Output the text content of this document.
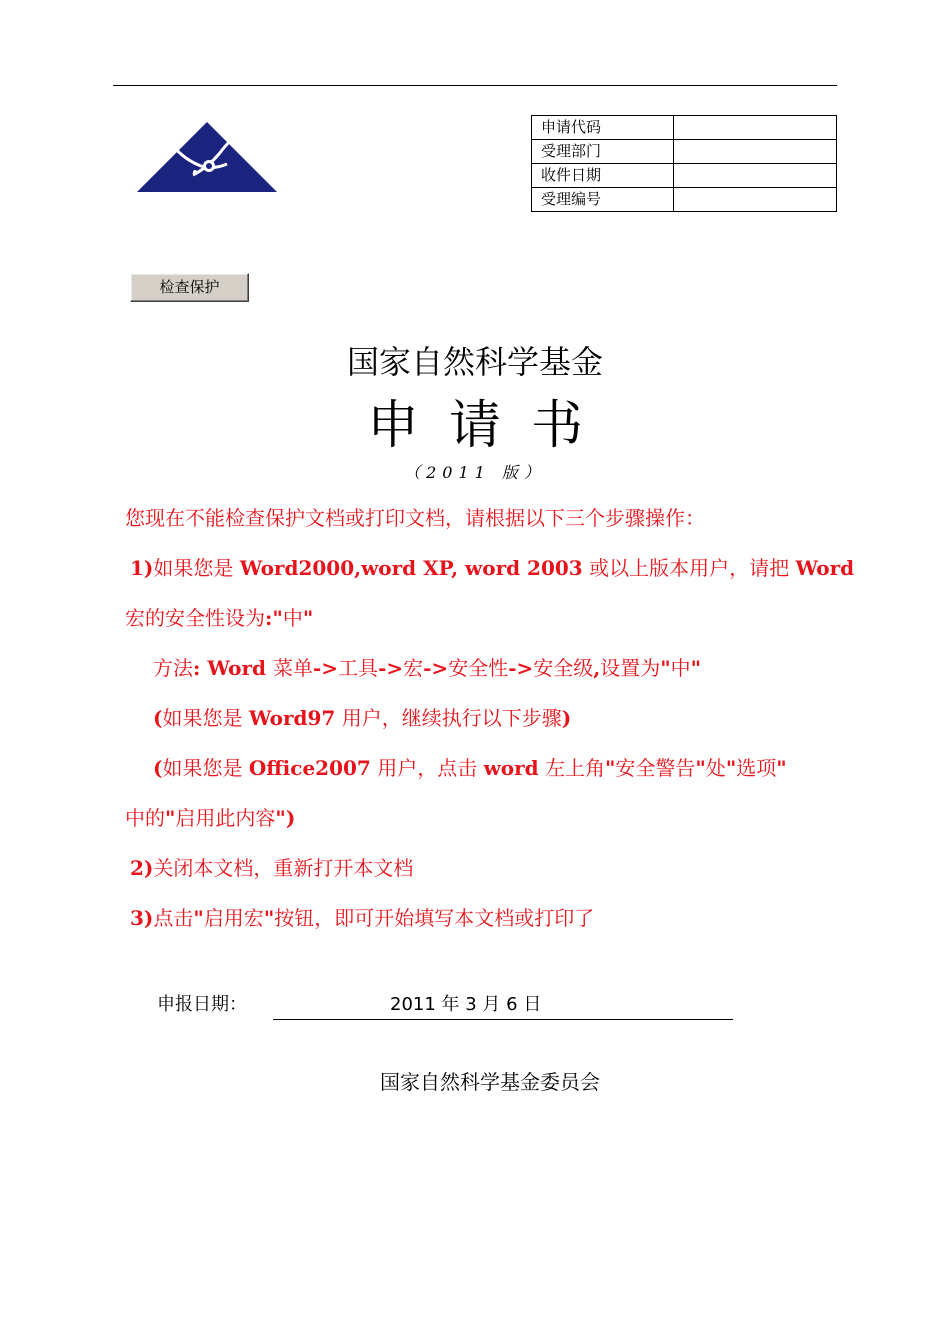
申请代码	
受理部门	
收件日期	
受理编号	
检查保护
国家自然科学基金
申请书
（2011 版）
您现在不能检查保护文档或打印文档，请根据以下三个步骤操作：
1)如果您是 Word2000,word XP, word 2003 或以上版本用户，请把 Word
宏的安全性设为:"中"
方法: Word 菜单->工具->宏->安全性->安全级,设置为"中"
(如果您是 Word97 用户，继续执行以下步骤)
(如果您是 Office2007 用户，点击 word 左上角"安全警告"处"选项"
中的"启用此内容")
2)关闭本文档，重新打开本文档
3)点击"启用宏"按钮，即可开始填写本文档或打印了
申报日期：	2011 年 3 月 6 日
国家自然科学基金委员会
